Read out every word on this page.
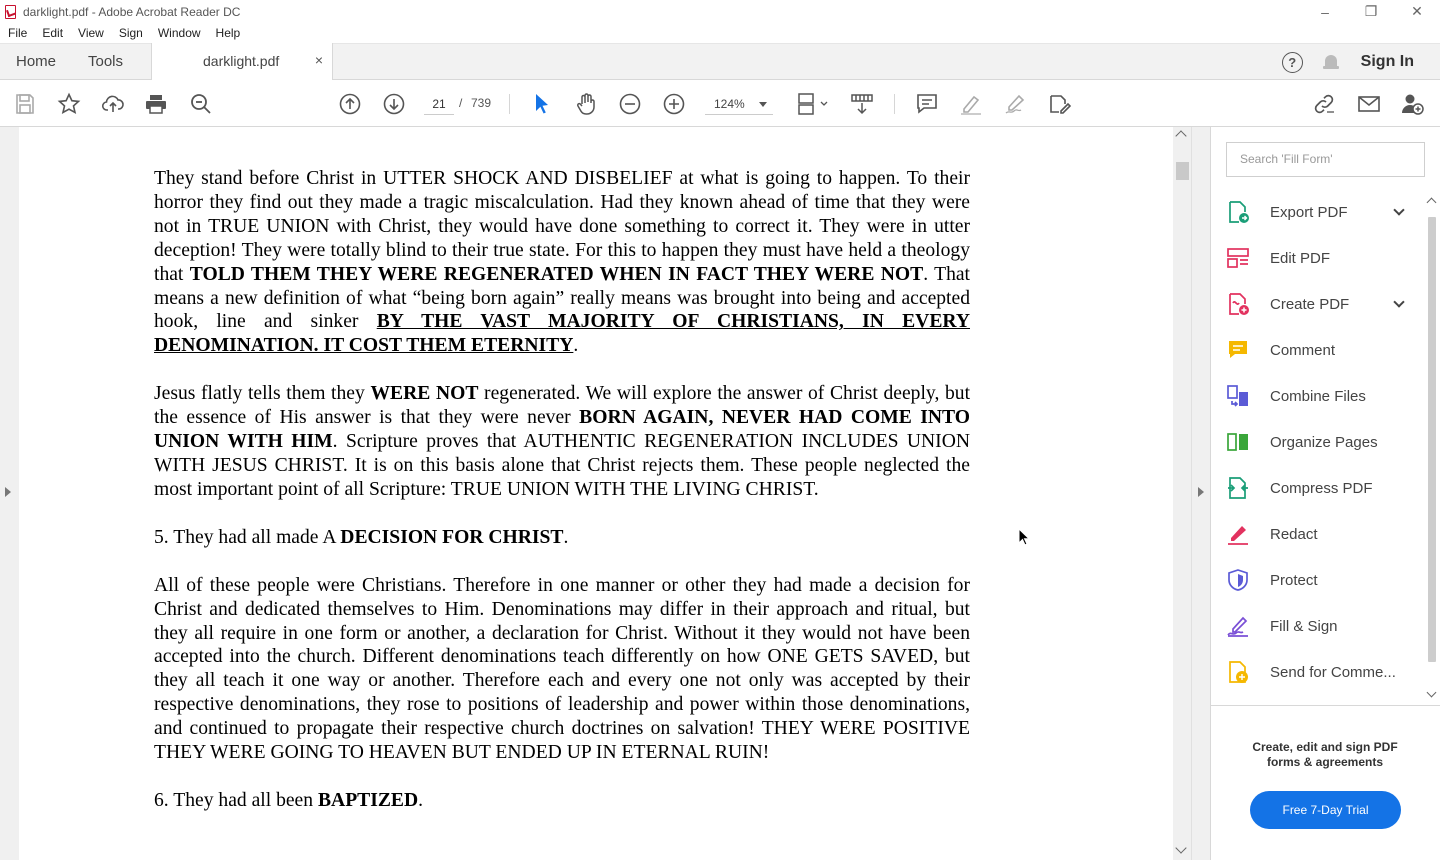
darklight.pdf - Adobe Acrobat Reader DC	–	❐	✕
File Edit View Sign Window Help
Home Tools	darklight.pdf	×	?	Sign In
21	/ 739	124%

They stand before Christ in UTTER SHOCK AND DISBELIEF at what is going to happen. To their horror they find out they made a tragic miscalculation. Had they known ahead of time that they were not in TRUE UNION with Christ, they would have done something to correct it. They were in utter deception! They were totally blind to their true state. For this to happen they must have held a theology that TOLD THEM THEY WERE REGENERATED WHEN IN FACT THEY WERE NOT. That means a new definition of what “being born again” really means was brought into being and accepted hook, line and sinker BY THE VAST MAJORITY OF CHRISTIANS, IN EVERY DENOMINATION. IT COST THEM ETERNITY.

Jesus flatly tells them they WERE NOT regenerated. We will explore the answer of Christ deeply, but the essence of His answer is that they were never BORN AGAIN, NEVER HAD COME INTO UNION WITH HIM. Scripture proves that AUTHENTIC REGENERATION INCLUDES UNION WITH JESUS CHRIST. It is on this basis alone that Christ rejects them. These people neglected the most important point of all Scripture: TRUE UNION WITH THE LIVING CHRIST.

5. They had all made A DECISION FOR CHRIST.

All of these people were Christians. Therefore in one manner or other they had made a decision for Christ and dedicated themselves to Him. Denominations may differ in their approach and ritual, but they all require in one form or another, a declaration for Christ. Without it they would not have been accepted into the church. Different denominations teach differently on how ONE GETS SAVED, but they all teach it one way or another. Therefore each and every one not only was accepted by their respective denominations, they rose to positions of leadership and power within those denominations, and continued to propagate their respective church doctrines on salvation! THEY WERE POSITIVE THEY WERE GOING TO HEAVEN BUT ENDED UP IN ETERNAL RUIN!

6. They had all been BAPTIZED.

Search 'Fill Form'
Export PDF
Edit PDF
Create PDF
Comment
Combine Files
Organize Pages
Compress PDF
Redact
Protect
Fill & Sign
Send for Comme...
Create, edit and sign PDF
forms & agreements
Free 7-Day Trial
